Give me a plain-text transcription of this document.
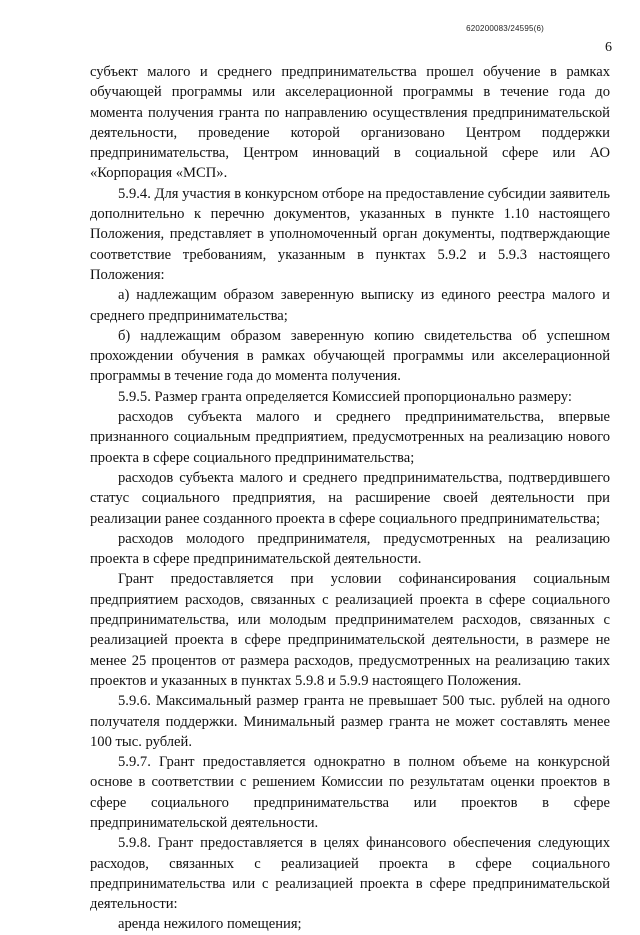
620200083/24595(6)
6

субъект малого и среднего предпринимательства прошел обучение в рамках обучающей программы или акселерационной программы в течение года до момента получения гранта по направлению осуществления предпринимательской деятельности, проведение которой организовано Центром поддержки предпринимательства, Центром инноваций в социальной сфере или АО «Корпорация «МСП».

5.9.4. Для участия в конкурсном отборе на предоставление субсидии заявитель дополнительно к перечню документов, указанных в пункте 1.10 настоящего Положения, представляет в уполномоченный орган документы, подтверждающие соответствие требованиям, указанным в пунктах 5.9.2 и 5.9.3 настоящего Положения:

а) надлежащим образом заверенную выписку из единого реестра малого и среднего предпринимательства;

б) надлежащим образом заверенную копию свидетельства об успешном прохождении обучения в рамках обучающей программы или акселерационной программы в течение года до момента получения.

5.9.5. Размер гранта определяется Комиссией пропорционально размеру:

расходов субъекта малого и среднего предпринимательства, впервые признанного социальным предприятием, предусмотренных на реализацию нового проекта в сфере социального предпринимательства;

расходов субъекта малого и среднего предпринимательства, подтвердившего статус социального предприятия, на расширение своей деятельности при реализации ранее созданного проекта в сфере социального предпринимательства;

расходов молодого предпринимателя, предусмотренных на реализацию проекта в сфере предпринимательской деятельности.

Грант предоставляется при условии софинансирования социальным предприятием расходов, связанных с реализацией проекта в сфере социального предпринимательства, или молодым предпринимателем расходов, связанных с реализацией проекта в сфере предпринимательской деятельности, в размере не менее 25 процентов от размера расходов, предусмотренных на реализацию таких проектов и указанных в пунктах 5.9.8 и 5.9.9 настоящего Положения.

5.9.6. Максимальный размер гранта не превышает 500 тыс. рублей на одного получателя поддержки. Минимальный размер гранта не может составлять менее 100 тыс. рублей.

5.9.7. Грант предоставляется однократно в полном объеме на конкурсной основе в соответствии с решением Комиссии по результатам оценки проектов в сфере социального предпринимательства или проектов в сфере предпринимательской деятельности.

5.9.8. Грант предоставляется в целях финансового обеспечения следующих расходов, связанных с реализацией проекта в сфере социального предпринимательства или с реализацией проекта в сфере предпринимательской деятельности:

аренда нежилого помещения;
